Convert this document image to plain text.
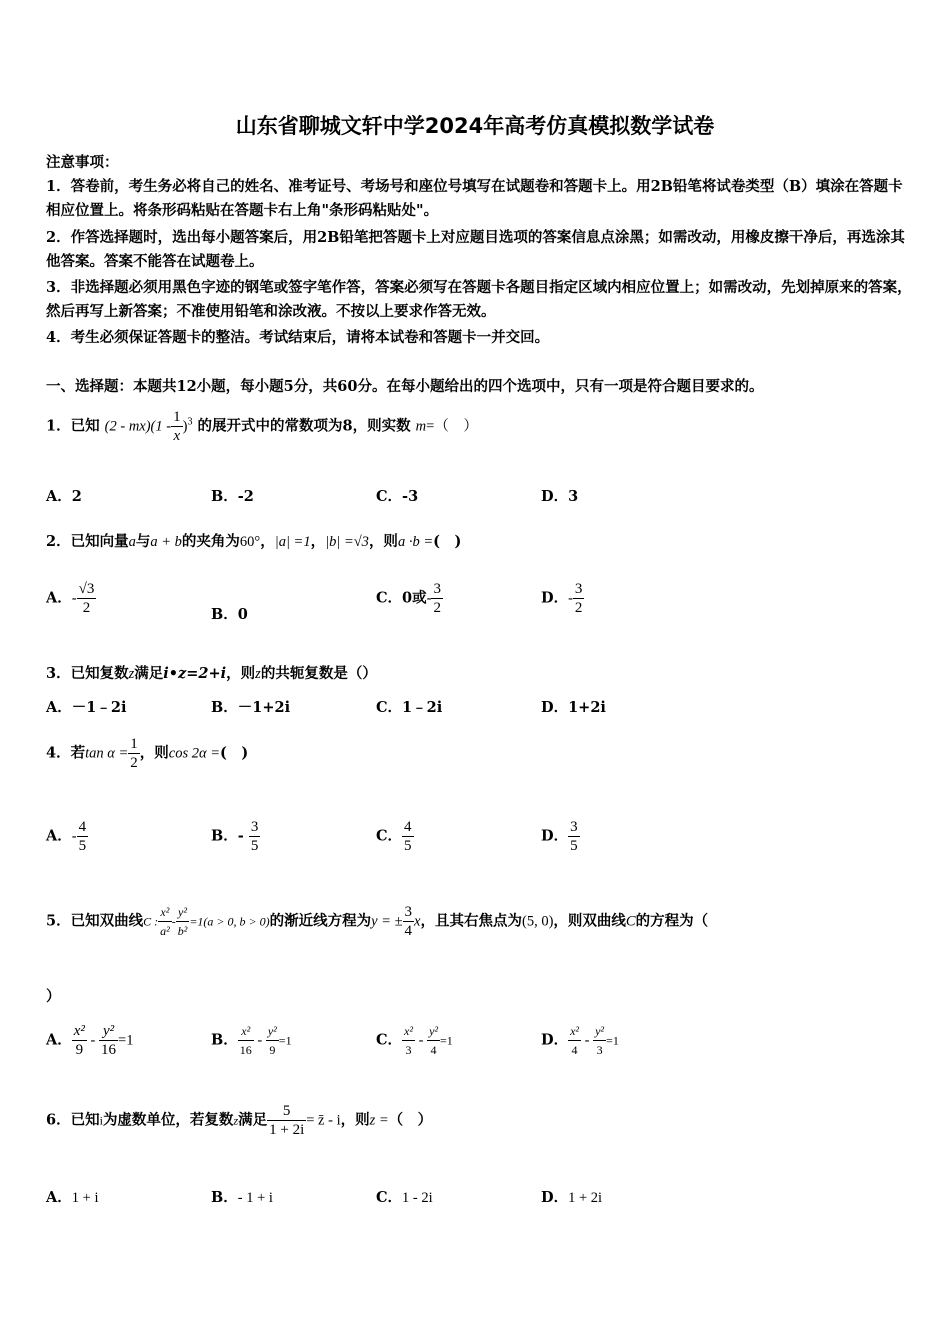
山东省聊城文轩中学2024年高考仿真模拟数学试卷
注意事项：
1．答卷前，考生务必将自己的姓名、准考证号、考场号和座位号填写在试题卷和答题卡上。用2B铅笔将试卷类型（B）填涂在答题卡相应位置上。将条形码粘贴在答题卡右上角"条形码粘贴处"。
2．作答选择题时，选出每小题答案后，用2B铅笔把答题卡上对应题目选项的答案信息点涂黑；如需改动，用橡皮擦干净后，再选涂其他答案。答案不能答在试题卷上。
3．非选择题必须用黑色字迹的钢笔或签字笔作答，答案必须写在答题卡各题目指定区域内相应位置上；如需改动，先划掉原来的答案，然后再写上新答案；不准使用铅笔和涂改液。不按以上要求作答无效。
4．考生必须保证答题卡的整洁。考试结束后，请将本试卷和答题卡一并交回。
一、选择题：本题共12小题，每小题5分，共60分。在每小题给出的四个选项中，只有一项是符合题目要求的。
1．已知 $(2 - mx)(1 - \frac{1}{x} )^3$ 的展开式中的常数项为8，则实数 m=（　）
A．2	B．-2	C．-3	D．3
2．已知向量a与a + b的夹角为60°，|a| =1，|b| =√3，则a ·b =(　)
A．- $\frac{√3}{2}$	B．0
C．0或- $\frac{3}{2}$	D．- $\frac{3}{2}$
3．已知复数z满足i•z=2+i，则z的共轭复数是（）
A．－1﹣2i	B．－1+2i	C．1﹣2i	D．1+2i
4．若$\tan \alpha = \frac{1}{2}$ ，则cos 2α =(　)
A．- $\frac{4}{5}$	B．- $\frac{3}{5}$	C． $\frac{4}{5}$	D． $\frac{3}{5}$
5．已知双曲线C : $\frac{\text{x²}}{\text{a²}} - \frac{\text{y²}}{\text{b²}} =1(a > 0$, b > 0)的渐近线方程为y = ± $\frac{3}{4}$ x，且其右焦点为(5, 0)，则双曲线C的方程为（
）
A． $\frac{\text{x²}}{9} - \frac{\text{y²}}{16} =1$	B． $\frac{\text{x²}}{16} - \frac{\text{y²}}{9} =1$	C． $\frac{\text{x²}}{3} - \frac{\text{y²}}{4} =1$	D． $\frac{\text{x²}}{4} - \frac{\text{y²}}{3} =1$
6．已知i为虚数单位，若复数z满足 $\frac{5}{1 + 2i}$ = z̄ - i，则z =（　）
A．1 + i	B．- 1 + i	C．1 - 2i	D．1 + 2i
